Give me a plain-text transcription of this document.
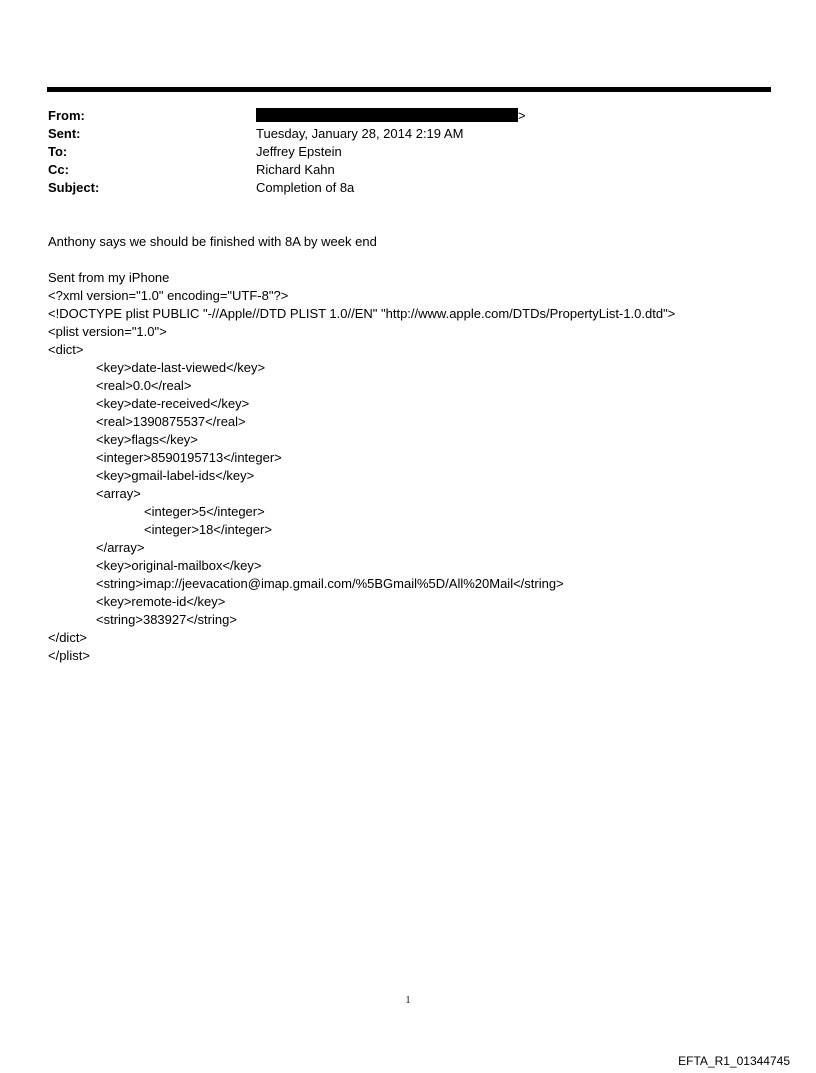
From:	>
Sent:	Tuesday, January 28, 2014 2:19 AM
To:	Jeffrey Epstein
Cc:	Richard Kahn
Subject:	Completion of 8a

Anthony says we should be finished with 8A by week end

Sent from my iPhone

<?xml version="1.0" encoding="UTF-8"?>
<!DOCTYPE plist PUBLIC "-//Apple//DTD PLIST 1.0//EN" "http://www.apple.com/DTDs/PropertyList-1.0.dtd">
<plist version="1.0">
<dict>
<key>date-last-viewed</key>
<real>0.0</real>
<key>date-received</key>
<real>1390875537</real>
<key>flags</key>
<integer>8590195713</integer>
<key>gmail-label-ids</key>
<array>
<integer>5</integer>
<integer>18</integer>
</array>
<key>original-mailbox</key>
<string>imap://jeevacation@imap.gmail.com/%5BGmail%5D/All%20Mail</string>
<key>remote-id</key>
<string>383927</string>
</dict>
</plist>
1
EFTA_R1_01344745
